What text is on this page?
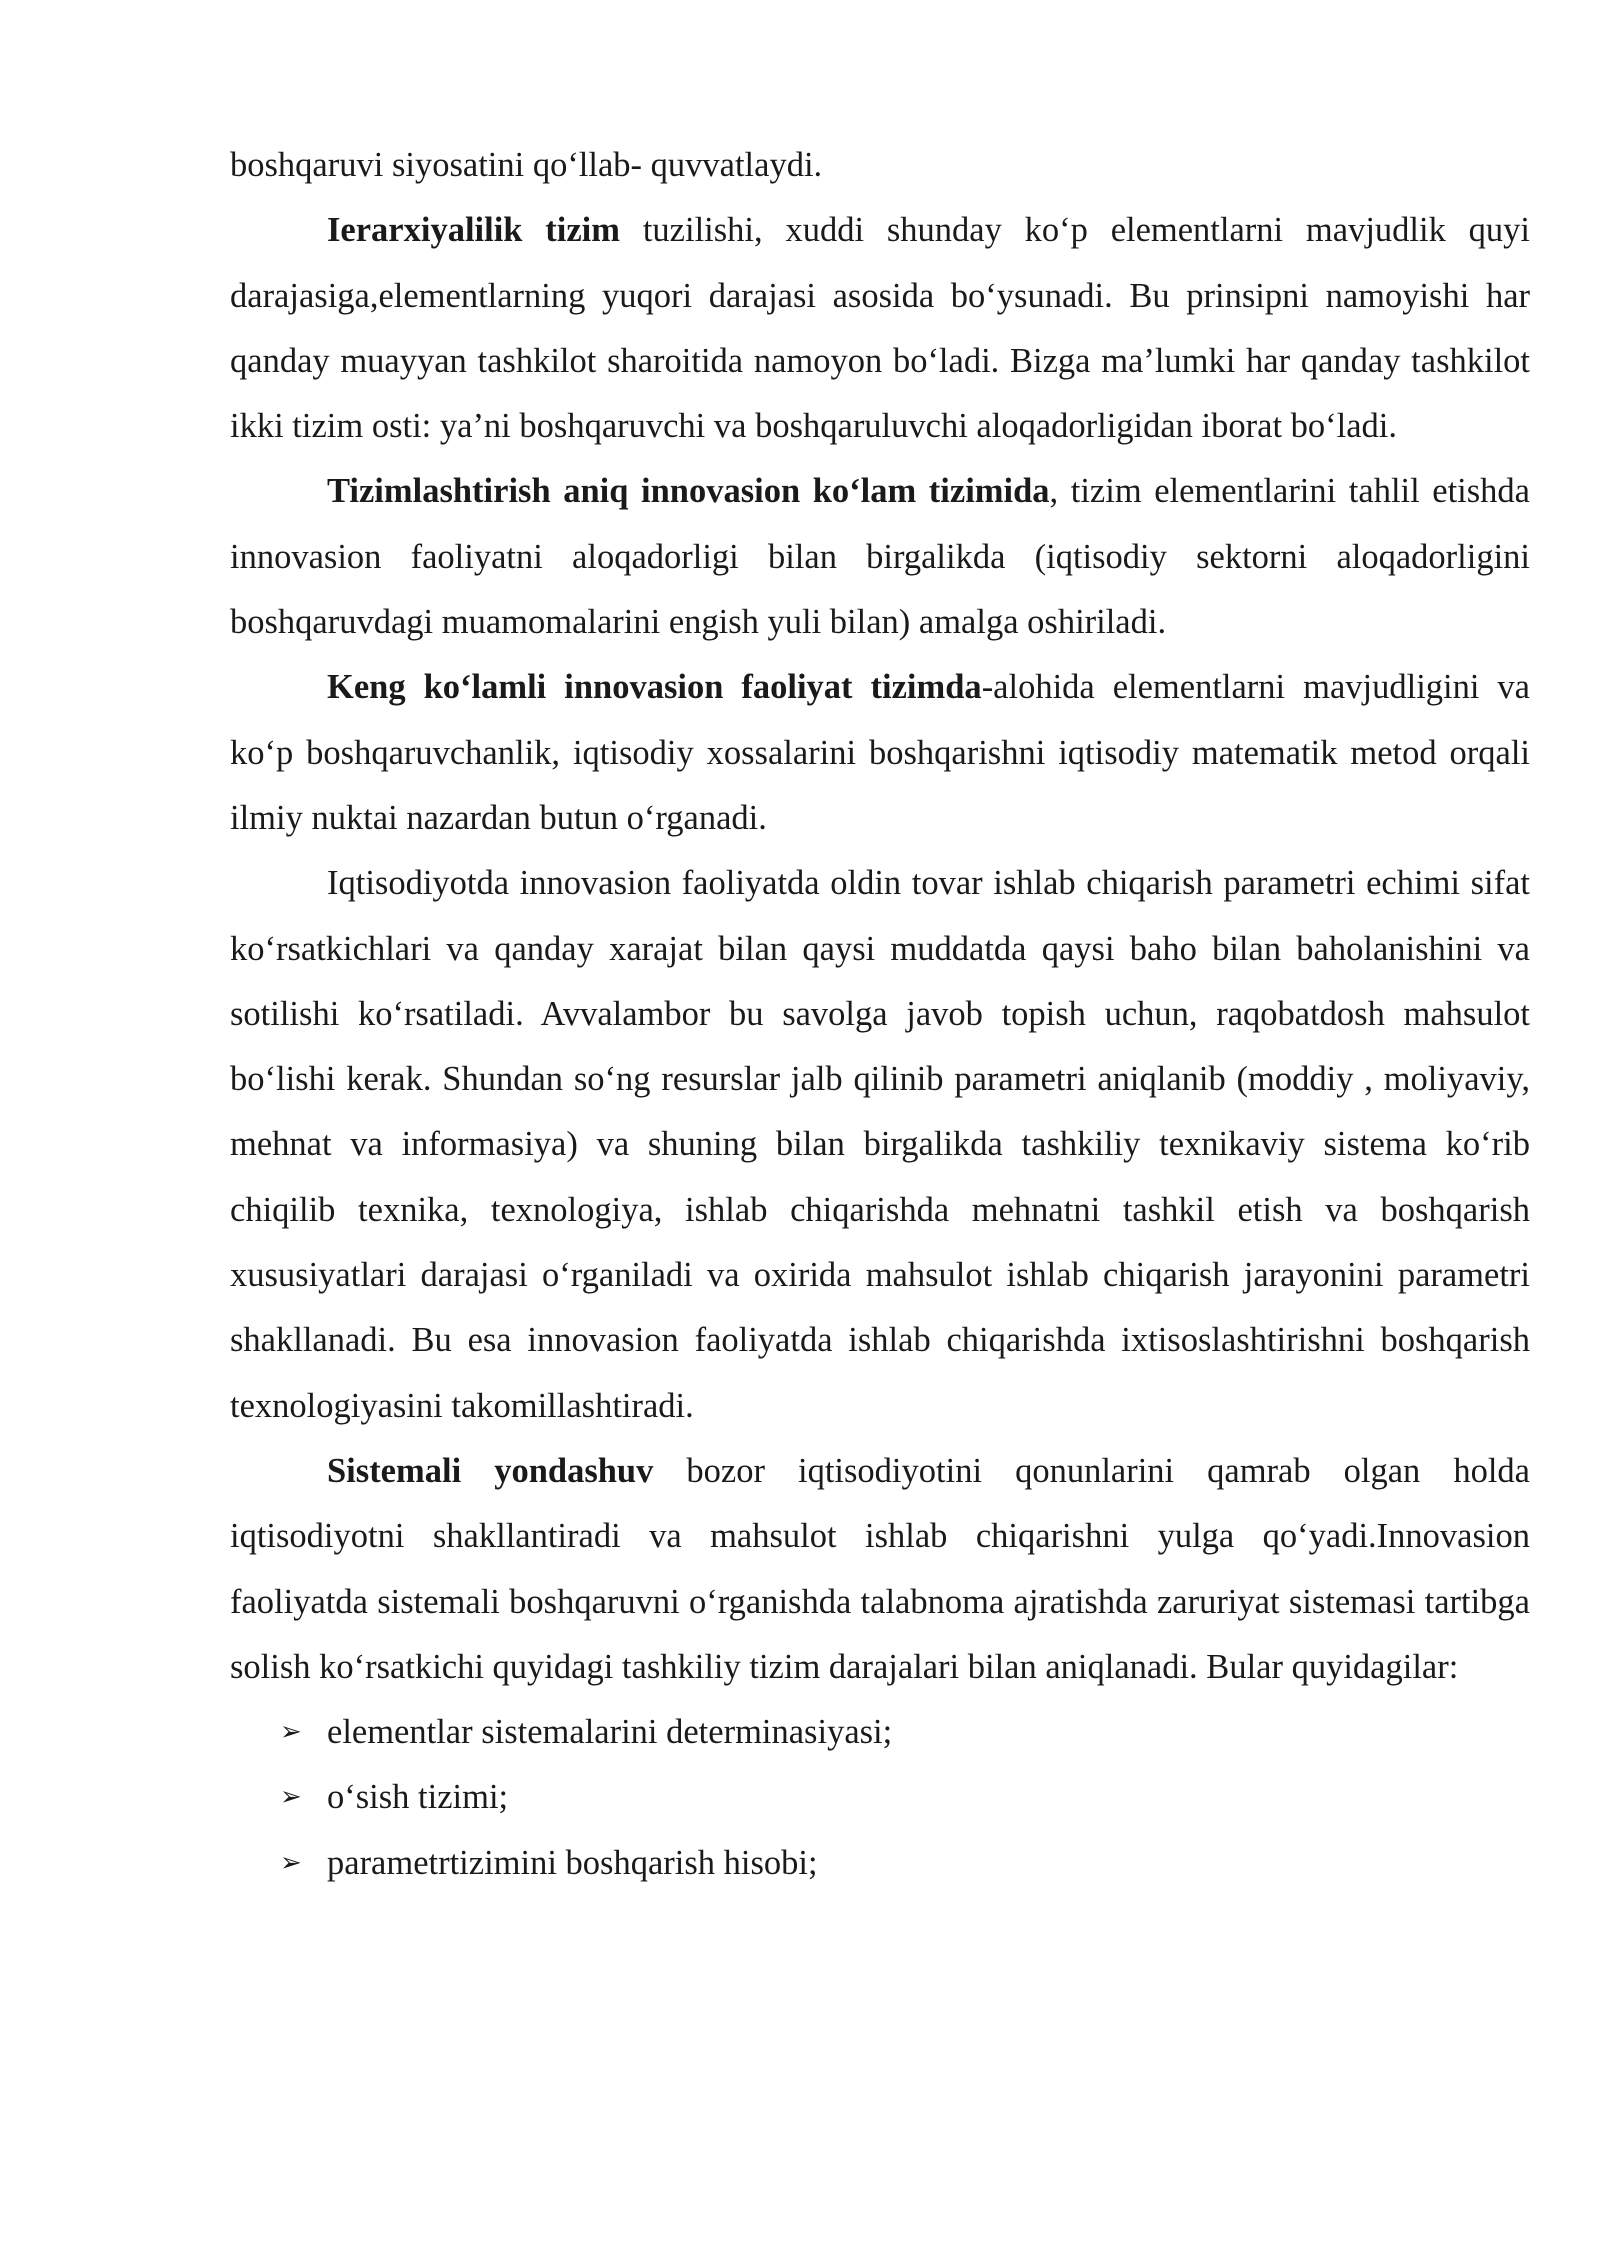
boshqaruvi siyosatini qo‘llab- quvvatlaydi.

Ierarxiyalilik tizim tuzilishi, xuddi shunday ko‘p elementlarni mavjudlik quyi darajasiga,elementlarning yuqori darajasi asosida bo‘ysunadi. Bu prinsipni namoyishi har qanday muayyan tashkilot sharoitida namoyon bo‘ladi. Bizga ma’lumki har qanday tashkilot ikki tizim osti: ya’ni boshqaruvchi va boshqaruluvchi aloqadorligidan iborat bo‘ladi.

Tizimlashtirish aniq innovasion ko‘lam tizimida, tizim elementlarini tahlil etishda innovasion faoliyatni aloqadorligi bilan birgalikda (iqtisodiy sektorni aloqadorligini boshqaruvdagi muamomalarini engish yuli bilan) amalga oshiriladi.

Keng ko‘lamli innovasion faoliyat tizimda-alohida elementlarni mavjudligini va ko‘p boshqaruvchanlik, iqtisodiy xossalarini boshqarishni iqtisodiy matematik metod orqali ilmiy nuktai nazardan butun o‘rganadi.

Iqtisodiyotda innovasion faoliyatda oldin tovar ishlab chiqarish parametri echimi sifat ko‘rsatkichlari va qanday xarajat bilan qaysi muddatda qaysi baho bilan baholanishini va sotilishi ko‘rsatiladi. Avvalambor bu savolga javob topish uchun, raqobatdosh mahsulot bo‘lishi kerak. Shundan so‘ng resurslar jalb qilinib parametri aniqlanib (moddiy , moliyaviy, mehnat va informasiya) va shuning bilan birgalikda tashkiliy texnikaviy sistema ko‘rib chiqilib texnika, texnologiya, ishlab chiqarishda mehnatni tashkil etish va boshqarish xususiyatlari darajasi o‘rganiladi va oxirida mahsulot ishlab chiqarish jarayonini parametri shakllanadi. Bu esa innovasion faoliyatda ishlab chiqarishda ixtisoslashtirishni boshqarish texnologiyasini takomillashtiradi.

Sistemali yondashuv bozor iqtisodiyotini qonunlarini qamrab olgan holda iqtisodiyotni shakllantiradi va mahsulot ishlab chiqarishni yulga qo‘yadi.Innovasion faoliyatda sistemali boshqaruvni o‘rganishda talabnoma ajratishda zaruriyat sistemasi tartibga solish ko‘rsatkichi quyidagi tashkiliy tizim darajalari bilan aniqlanadi. Bular quyidagilar:

➢ elementlar sistemalarini determinasiyasi;
➢ o‘sish tizimi;
➢ parametrtizimini boshqarish hisobi;
